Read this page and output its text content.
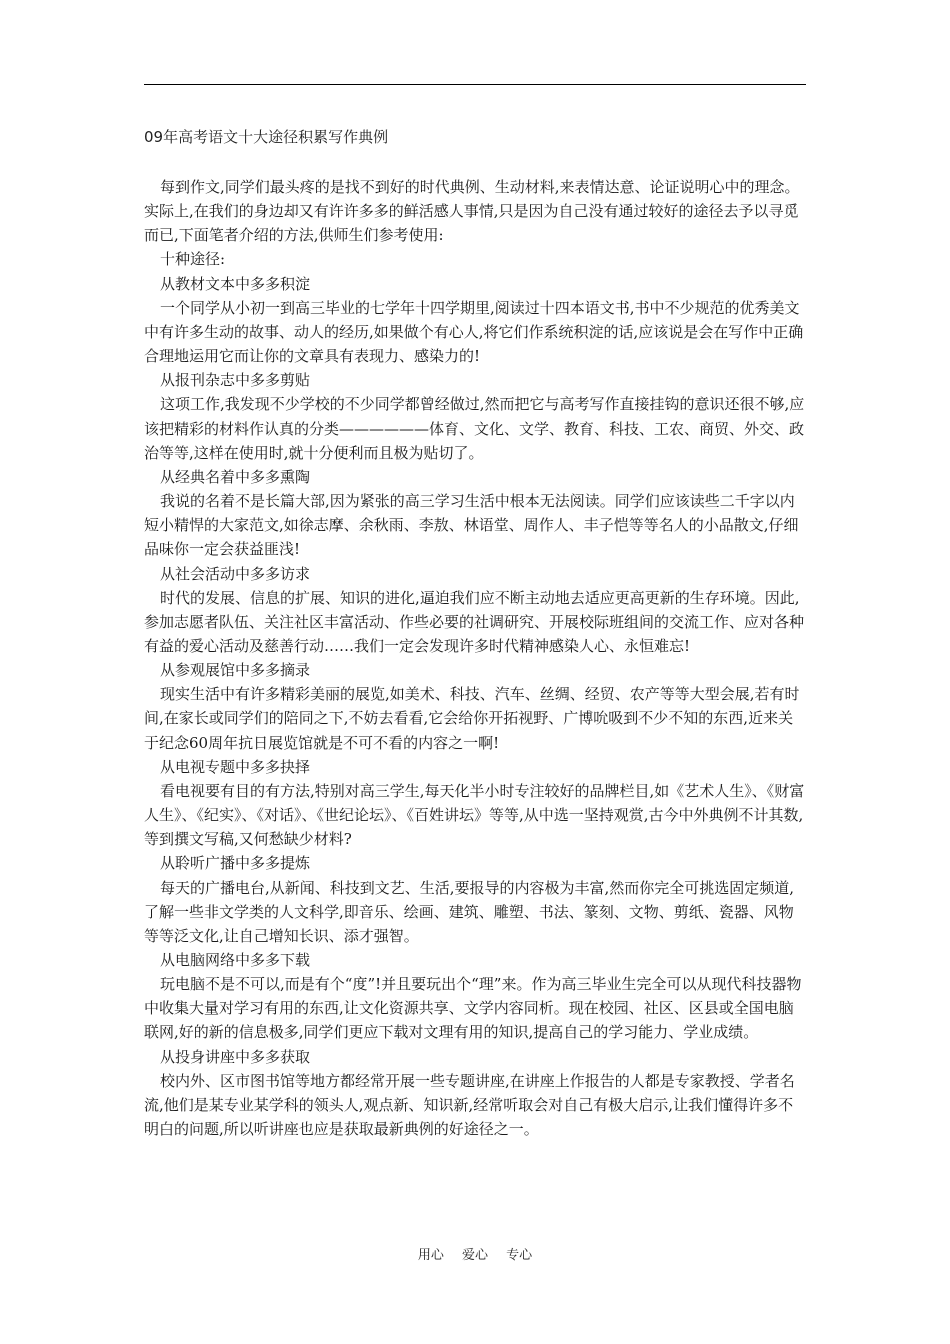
09年高考语文十大途径积累写作典例

每到作文,同学们最头疼的是找不到好的时代典例、生动材料,来表情达意、论证说明心中的理念。实际上,在我们的身边却又有许许多多的鲜活感人事情,只是因为自己没有通过较好的途径去予以寻觅而已,下面笔者介绍的方法,供师生们参考使用:

十种途径:

从教材文本中多多积淀

一个同学从小初一到高三毕业的七学年十四学期里,阅读过十四本语文书,书中不少规范的优秀美文中有许多生动的故事、动人的经历,如果做个有心人,将它们作系统积淀的话,应该说是会在写作中正确合理地运用它而让你的文章具有表现力、感染力的!

从报刊杂志中多多剪贴

这项工作,我发现不少学校的不少同学都曾经做过,然而把它与高考写作直接挂钩的意识还很不够,应该把精彩的材料作认真的分类——————体育、文化、文学、教育、科技、工农、商贸、外交、政治等等,这样在使用时,就十分便利而且极为贴切了。

从经典名着中多多熏陶

我说的名着不是长篇大部,因为紧张的高三学习生活中根本无法阅读。同学们应该读些二千字以内短小精悍的大家范文,如徐志摩、余秋雨、李敖、林语堂、周作人、丰子恺等等名人的小品散文,仔细品味你一定会获益匪浅!

从社会活动中多多访求

时代的发展、信息的扩展、知识的进化,逼迫我们应不断主动地去适应更高更新的生存环境。因此,参加志愿者队伍、关注社区丰富活动、作些必要的社调研究、开展校际班组间的交流工作、应对各种有益的爱心活动及慈善行动……我们一定会发现许多时代精神感染人心、永恒难忘!

从参观展馆中多多摘录

现实生活中有许多精彩美丽的展览,如美术、科技、汽车、丝绸、经贸、农产等等大型会展,若有时间,在家长或同学们的陪同之下,不妨去看看,它会给你开拓视野、广博吮吸到不少不知的东西,近来关于纪念60周年抗日展览馆就是不可不看的内容之一啊!

从电视专题中多多抉择

看电视要有目的有方法,特别对高三学生,每天化半小时专注较好的品牌栏目,如《艺术人生》、《财富人生》、《纪实》、《对话》、《世纪论坛》、《百姓讲坛》等等,从中选一坚持观赏,古今中外典例不计其数,等到撰文写稿,又何愁缺少材料?

从聆听广播中多多提炼

每天的广播电台,从新闻、科技到文艺、生活,要报导的内容极为丰富,然而你完全可挑选固定频道,了解一些非文学类的人文科学,即音乐、绘画、建筑、雕塑、书法、篆刻、文物、剪纸、瓷器、风物等等泛文化,让自己增知长识、添才强智。

从电脑网络中多多下载

玩电脑不是不可以,而是有个“度”!并且要玩出个“理”来。作为高三毕业生完全可以从现代科技器物中收集大量对学习有用的东西,让文化资源共享、文学内容同析。现在校园、社区、区县或全国电脑联网,好的新的信息极多,同学们更应下载对文理有用的知识,提高自己的学习能力、学业成绩。

从投身讲座中多多获取

校内外、区市图书馆等地方都经常开展一些专题讲座,在讲座上作报告的人都是专家教授、学者名流,他们是某专业某学科的领头人,观点新、知识新,经常听取会对自己有极大启示,让我们懂得许多不明白的问题,所以听讲座也应是获取最新典例的好途径之一。

用心 爱心 专心
